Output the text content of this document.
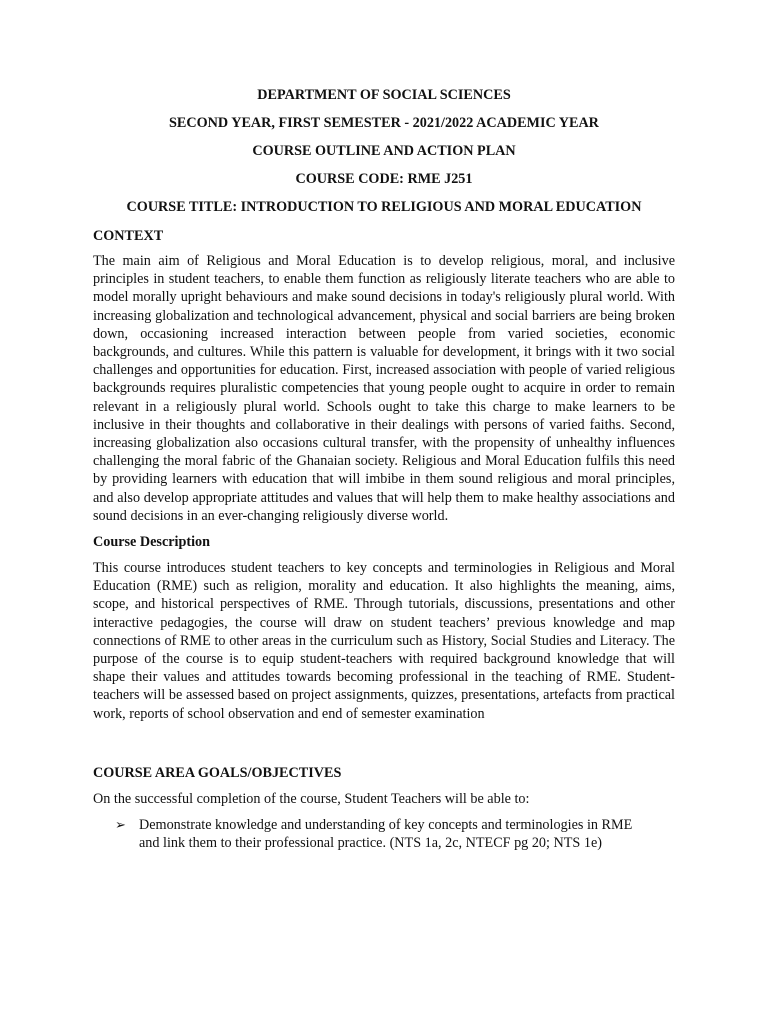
DEPARTMENT OF SOCIAL SCIENCES
SECOND YEAR, FIRST SEMESTER - 2021/2022 ACADEMIC YEAR
COURSE OUTLINE AND ACTION PLAN
COURSE CODE: RME J251
COURSE TITLE: INTRODUCTION TO RELIGIOUS AND MORAL EDUCATION
CONTEXT

The main aim of Religious and Moral Education is to develop religious, moral, and inclusive principles in student teachers, to enable them function as religiously literate teachers who are able to model morally upright behaviours and make sound decisions in today's religiously plural world. With increasing globalization and technological advancement, physical and social barriers are being broken down, occasioning increased interaction between people from varied societies, economic backgrounds, and cultures. While this pattern is valuable for development, it brings with it two social challenges and opportunities for education. First, increased association with people of varied religious backgrounds requires pluralistic competencies that young people ought to acquire in order to remain relevant in a religiously plural world. Schools ought to take this charge to make learners to be inclusive in their thoughts and collaborative in their dealings with persons of varied faiths. Second, increasing globalization also occasions cultural transfer, with the propensity of unhealthy influences challenging the moral fabric of the Ghanaian society. Religious and Moral Education fulfils this need by providing learners with education that will imbibe in them sound religious and moral principles, and also develop appropriate attitudes and values that will help them to make healthy associations and sound decisions in an ever-changing religiously diverse world.

Course Description

This course introduces student teachers to key concepts and terminologies in Religious and Moral Education (RME) such as religion, morality and education. It also highlights the meaning, aims, scope, and historical perspectives of RME. Through tutorials, discussions, presentations and other interactive pedagogies, the course will draw on student teachers’ previous knowledge and map connections of RME to other areas in the curriculum such as History, Social Studies and Literacy. The purpose of the course is to equip student-teachers with required background knowledge that will shape their values and attitudes towards becoming professional in the teaching of RME. Student-teachers will be assessed based on project assignments, quizzes, presentations, artefacts from practical work, reports of school observation and end of semester examination

COURSE AREA GOALS/OBJECTIVES

On the successful completion of the course, Student Teachers will be able to:

➢ Demonstrate knowledge and understanding of key concepts and terminologies in RME and link them to their professional practice. (NTS 1a, 2c, NTECF pg 20; NTS 1e)
